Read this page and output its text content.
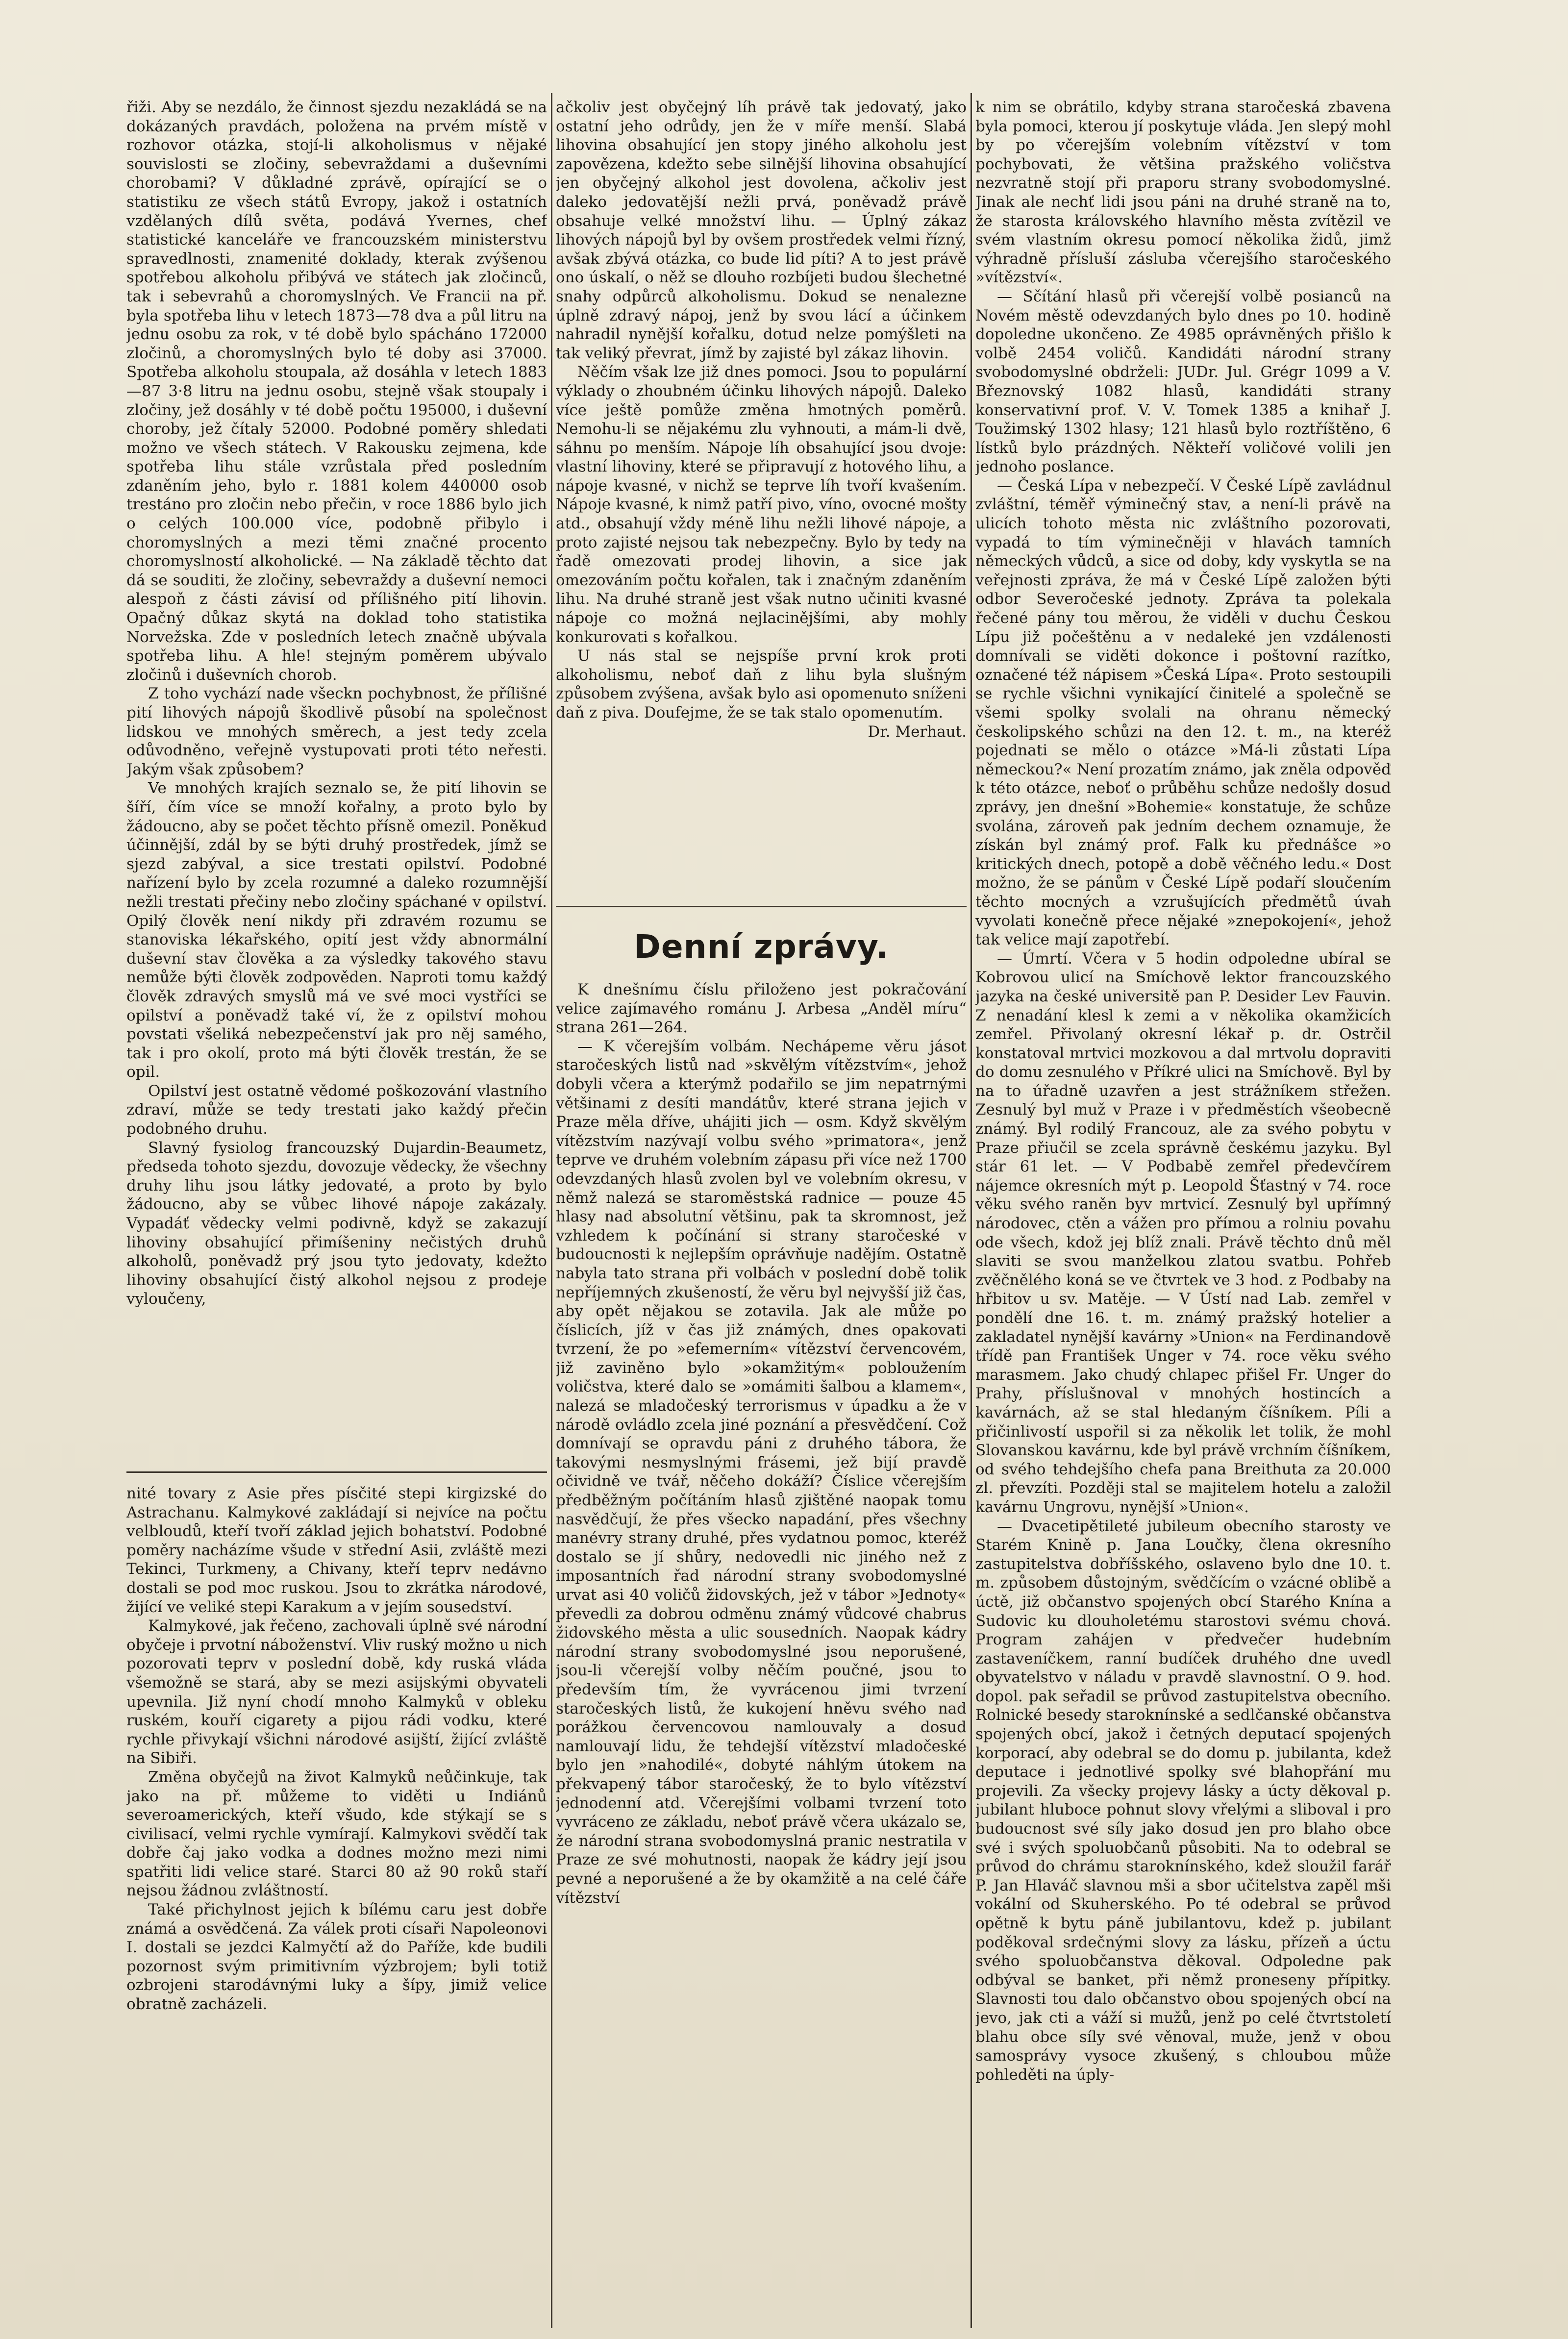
řiži. Aby se nezdálo, že činnost sjezdu nezakládá se na dokázaných pravdách, položena na prvém místě v rozhovor otázka, stojí-li alkoholismus v nějaké souvislosti se zločiny, sebevraždami a duševními chorobami? V důkladné zprávě, opírající se o statistiku ze všech států Evropy, jakož i ostatních vzdělaných dílů světa, podává Yvernes, chef statistické kanceláře ve francouzském ministerstvu spravedlnosti, znamenité doklady, kterak zvýšenou spotřebou alkoholu přibývá ve státech jak zločinců, tak i sebevrahů a choromyslných. Ve Francii na př. byla spotřeba lihu v letech 1873—78 dva a půl litru na jednu osobu za rok, v té době bylo spácháno 172000 zločinů, a choromyslných bylo té doby asi 37000. Spotřeba alkoholu stoupala, až dosáhla v letech 1883—87 3·8 litru na jednu osobu, stejně však stoupaly i zločiny, jež dosáhly v té době počtu 195000, i duševní choroby, jež čítaly 52000. Podobné poměry shledati možno ve všech státech. V Rakousku zejmena, kde spotřeba lihu stále vzrůstala před posledním zdaněním jeho, bylo r. 1881 kolem 440000 osob trestáno pro zločin nebo přečin, v roce 1886 bylo jich o celých 100.000 více, podobně přibylo i choromyslných a mezi těmi značné procento choromyslností alkoholické. — Na základě těchto dat dá se souditi, že zločiny, sebevraždy a duševní nemoci alespoň z části závisí od přílišného pití lihovin. Opačný důkaz skytá na doklad toho statistika Norvežska. Zde v posledních letech značně ubývala spotřeba lihu. A hle! stejným poměrem ubývalo zločinů i duševních chorob.

Z toho vychází nade všeckn pochybnost, že přílišné pití lihových nápojů škodlivě působí na společnost lidskou ve mnohých směrech, a jest tedy zcela odůvodněno, veřejně vystupovati proti této neřesti. Jakým však způsobem?

Ve mnohých krajích seznalo se, že pití lihovin se šíří, čím více se množí kořalny, a proto bylo by žádoucno, aby se počet těchto přísně omezil. Poněkud účinnější, zdál by se býti druhý prostředek, jímž se sjezd zabýval, a sice trestati opilství. Podobné nařízení bylo by zcela rozumné a daleko rozumnější nežli trestati přečiny nebo zločiny spáchané v opilství. Opilý člověk není nikdy při zdravém rozumu se stanoviska lékařského, opití jest vždy abnormální duševní stav člověka a za výsledky takového stavu nemůže býti člověk zodpověden. Naproti tomu každý člověk zdravých smyslů má ve své moci vystříci se opilství a poněvadž také ví, že z opilství mohou povstati všeliká nebezpečenství jak pro něj samého, tak i pro okolí, proto má býti člověk trestán, že se opil.

Opilství jest ostatně vědomé poškozování vlastního zdraví, může se tedy trestati jako každý přečin podobného druhu.

Slavný fysiolog francouzský Dujardin-Beaumetz, předseda tohoto sjezdu, dovozuje vědecky, že všechny druhy lihu jsou látky jedovaté, a proto by bylo žádoucno, aby se vůbec lihové nápoje zakázaly. Vypadáť vědecky velmi podivně, když se zakazují lihoviny obsahující přimíšeniny nečistých druhů alkoholů, poněvadž prý jsou tyto jedovaty, kdežto lihoviny obsahující čistý alkohol nejsou z prodeje vyloučeny,

nité tovary z Asie přes písčité stepi kirgizské do Astrachanu. Kalmykové zakládají si nejvíce na počtu velbloudů, kteří tvoří základ jejich bohatství. Podobné poměry nacházíme všude v střední Asii, zvláště mezi Tekinci, Turkmeny, a Chivany, kteří teprv nedávno dostali se pod moc ruskou. Jsou to zkrátka národové, žijící ve veliké stepi Karakum a v jejím sousedství.

Kalmykové, jak řečeno, zachovali úplně své národní obyčeje i prvotní náboženství. Vliv ruský možno u nich pozorovati teprv v poslední době, kdy ruská vláda všemožně se stará, aby se mezi asijskými obyvateli upevnila. Již nyní chodí mnoho Kalmyků v obleku ruském, kouří cigarety a pijou rádi vodku, které rychle přivykají všichni národové asijští, žijící zvláště na Sibiři.

Změna obyčejů na život Kalmyků neůčinkuje, tak jako na př. můžeme to viděti u Indiánů severoamerických, kteří všudo, kde stýkají se s civilisací, velmi rychle vymírají. Kalmykovi svědčí tak dobře čaj jako vodka a dodnes možno mezi nimi spatřiti lidi velice staré. Starci 80 až 90 roků staří nejsou žádnou zvláštností.

Také přichylnost jejich k bílému caru jest dobře známá a osvědčená. Za válek proti císaři Napoleonovi I. dostali se jezdci Kalmyčtí až do Paříže, kde budili pozornost svým primitivním výzbrojem; byli totiž ozbrojeni starodávnými luky a šípy, jimiž velice obratně zacházeli.

ačkoliv jest obyčejný líh právě tak jedovatý, jako ostatní jeho odrůdy, jen že v míře menší. Slabá lihovina obsahující jen stopy jiného alkoholu jest zapovězena, kdežto sebe silnější lihovina obsahující jen obyčejný alkohol jest dovolena, ačkoliv jest daleko jedovatější nežli prvá, poněvadž právě obsahuje velké množství lihu. — Úplný zákaz lihových nápojů byl by ovšem prostředek velmi řízný, avšak zbývá otázka, co bude lid píti? A to jest právě ono úskalí, o něž se dlouho rozbíjeti budou šlechetné snahy odpůrců alkoholismu. Dokud se nenalezne úplně zdravý nápoj, jenž by svou lácí a účinkem nahradil nynější kořalku, dotud nelze pomýšleti na tak veliký převrat, jímž by zajisté byl zákaz lihovin.

Něčím však lze již dnes pomoci. Jsou to populární výklady o zhoubném účinku lihových nápojů. Daleko více ještě pomůže změna hmotných poměrů. Nemohu-li se nějakému zlu vyhnouti, a mám-li dvě, sáhnu po menším. Nápoje líh obsahující jsou dvoje: vlastní lihoviny, které se připravují z hotového lihu, a nápoje kvasné, v nichž se teprve líh tvoří kvašením. Nápoje kvasné, k nimž patří pivo, víno, ovocné mošty atd., obsahují vždy méně lihu nežli lihové nápoje, a proto zajisté nejsou tak nebezpečny. Bylo by tedy na řadě omezovati prodej lihovin, a sice jak omezováním počtu kořalen, tak i značným zdaněním lihu. Na druhé straně jest však nutno učiniti kvasné nápoje co možná nejlacinějšími, aby mohly konkurovati s kořalkou.

U nás stal se nejspíše první krok proti alkoholismu, neboť daň z lihu byla slušným způsobem zvýšena, avšak bylo asi opomenuto sníženi daň z piva. Doufejme, že se tak stalo opomenutím.

Dr. Merhaut.

Denní zprávy.

K dnešnímu číslu přiloženo jest pokračování velice zajímavého románu J. Arbesa „Anděl míru“ strana 261—264.

— K včerejším volbám. Nechápeme věru jásot staročeských listů nad »skvělým vítězstvím«, jehož dobyli včera a kterýmž podařilo se jim nepatrnými většinami z desíti mandátův, které strana jejich v Praze měla dříve, uhájiti jich — osm. Když skvělým vítězstvím nazývají volbu svého »primatora«, jenž teprve ve druhém volebním zápasu při více než 1700 odevzdaných hlasů zvolen byl ve volebním okresu, v němž nalezá se staroměstská radnice — pouze 45 hlasy nad absolutní většinu, pak ta skromnost, jež vzhledem k počínání si strany staročeské v budoucnosti k nejlepším oprávňuje nadějím. Ostatně nabyla tato strana při volbách v poslední době tolik nepříjemných zkušeností, že věru byl nejvyšší již čas, aby opět nějakou se zotavila. Jak ale může po číslicích, jíž v čas již známých, dnes opakovati tvrzení, že po »efemerním« vítězství červencovém, již zaviněno bylo »okamžitým« pobloužením voličstva, které dalo se »omámiti šalbou a klamem«, nalezá se mladočeský terrorismus v úpadku a že v národě ovládlo zcela jiné poznání a přesvědčení. Což domnívají se opravdu páni z druhého tábora, že takovými nesmyslnými frásemi, jež bijí pravdě očividně ve tvář, něčeho dokáží? Číslice včerejším předběžným počítáním hlasů zjištěné naopak tomu nasvědčují, že přes všecko napadání, přes všechny manévry strany druhé, přes vydatnou pomoc, kteréž dostalo se jí shůry, nedovedli nic jiného než z imposantních řad národní strany svobodomyslné urvat asi 40 voličů židovských, jež v tábor »Jednoty« převedli za dobrou odměnu známý vůdcové chabrus židovského města a ulic sousedních. Naopak kádry národní strany svobodomyslné jsou neporušené, jsou-li včerejší volby něčím poučné, jsou to především tím, že vyvrácenou jimi tvrzení staročeských listů, že kukojení hněvu svého nad porážkou červencovou namlouvaly a dosud namlouvají lidu, že tehdejší vítězství mladočeské bylo jen »nahodilé«, dobyté náhlým útokem na překvapený tábor staročeský, že to bylo vítězství jednodenní atd. Včerejšími volbami tvrzení toto vyvráceno ze základu, neboť právě včera ukázalo se, že národní strana svobodomyslná pranic nestratila v Praze ze své mohutnosti, naopak že kádry její jsou pevné a neporušené a že by okamžitě a na celé čáře vítězství

k nim se obrátilo, kdyby strana staročeská zbavena byla pomoci, kterou jí poskytuje vláda. Jen slepý mohl by po včerejším volebním vítězství v tom pochybovati, že většina pražského voličstva nezvratně stojí při praporu strany svobodomyslné. Jinak ale nechť lidi jsou páni na druhé straně na to, že starosta královského hlavního města zvítězil ve svém vlastním okresu pomocí několika židů, jimž výhradně přísluší zásluba včerejšího staročeského »vítězství«.

— Sčítání hlasů při včerejší volbě posianců na Novém městě odevzdaných bylo dnes po 10. hodině dopoledne ukončeno. Ze 4985 oprávněných přišlo k volbě 2454 voličů. Kandidáti národní strany svobodomyslné obdrželi: JUDr. Jul. Grégr 1099 a V. Březnovský 1082 hlasů, kandidáti strany konservativní prof. V. V. Tomek 1385 a knihař J. Toužimský 1302 hlasy; 121 hlasů bylo roztříštěno, 6 lístků bylo prázdných. Někteří voličové volili jen jednoho poslance.

— Česká Lípa v nebezpečí. V České Lípě zavládnul zvláštní, téměř výminečný stav, a není-li právě na ulicích tohoto města nic zvláštního pozorovati, vypadá to tím výminečněji v hlavách tamních německých vůdců, a sice od doby, kdy vyskytla se na veřejnosti zpráva, že má v České Lípě založen býti odbor Severočeské jednoty. Zpráva ta polekala řečené pány tou měrou, že viděli v duchu Českou Lípu již počeštěnu a v nedaleké jen vzdálenosti domnívali se viděti dokonce i poštovní razítko, označené též nápisem »Česká Lípa«. Proto sestoupili se rychle všichni vynikající činitelé a společně se všemi spolky svolali na ohranu německý českolipského schůzi na den 12. t. m., na kteréž pojednati se mělo o otázce »Má-li zůstati Lípa německou?« Není prozatím známo, jak zněla odpověď k této otázce, neboť o průběhu schůze nedošly dosud zprávy, jen dnešní »Bohemie« konstatuje, že schůze svolána, zároveň pak jedním dechem oznamuje, že získán byl známý prof. Falk ku přednášce »o kritických dnech, potopě a době věčného ledu.« Dost možno, že se pánům v České Lípě podaří sloučením těchto mocných a vzrušujících předmětů úvah vyvolati konečně přece nějaké »znepokojení«, jehož tak velice mají zapotřebí.

— Úmrtí. Včera v 5 hodin odpoledne ubíral se Kobrovou ulicí na Smíchově lektor francouzského jazyka na české universitě pan P. Desider Lev Fauvin. Z nenadání klesl k zemi a v několika okamžicích zemřel. Přivolaný okresní lékař p. dr. Ostrčil konstatoval mrtvici mozkovou a dal mrtvolu dopraviti do domu zesnulého v Příkré ulici na Smíchově. Byl by na to úřadně uzavřen a jest strážníkem střežen. Zesnulý byl muž v Praze i v předměstích všeobecně známý. Byl rodilý Francouz, ale za svého pobytu v Praze přiučil se zcela správně českému jazyku. Byl stár 61 let. — V Podbabě zemřel předevčírem nájemce okresních mýt p. Leopold Šťastný v 74. roce věku svého raněn byv mrtvicí. Zesnulý byl upřímný národovec, ctěn a vážen pro přímou a rolniu povahu ode všech, kdož jej blíž znali. Právě těchto dnů měl slaviti se svou manželkou zlatou svatbu. Pohřeb zvěčnělého koná se ve čtvrtek ve 3 hod. z Podbaby na hřbitov u sv. Matěje. — V Ústí nad Lab. zemřel v pondělí dne 16. t. m. známý pražský hotelier a zakladatel nynější kavárny »Union« na Ferdinandově třídě pan František Unger v 74. roce věku svého marasmem. Jako chudý chlapec přišel Fr. Unger do Prahy, příslušnoval v mnohých hostincích a kavárnách, až se stal hledaným číšníkem. Píli a přičinlivostí uspořil si za několik let tolik, že mohl Slovanskou kavárnu, kde byl právě vrchním číšníkem, od svého tehdejšího chefa pana Breithuta za 20.000 zl. převzíti. Později stal se majitelem hotelu a založil kavárnu Ungrovu, nynější »Union«.

— Dvacetipětileté jubileum obecního starosty ve Starém Knině p. Jana Loučky, člena okresního zastupitelstva dobříšského, oslaveno bylo dne 10. t. m. způsobem důstojným, svědčícím o vzácné oblibě a úctě, již občanstvo spojených obcí Starého Knína a Sudovic ku dlouholetému starostovi svému chová. Program zahájen v předvečer hudebním zastaveníčkem, ranní budíček druhého dne uvedl obyvatelstvo v náladu v pravdě slavnostní. O 9. hod. dopol. pak seřadil se průvod zastupitelstva obecního. Rolnické besedy staroknínské a sedlčanské občanstva spojených obcí, jakož i četných deputací spojených korporací, aby odebral se do domu p. jubilanta, kdež deputace i jednotlivé spolky své blahopřání mu projevili. Za všecky projevy lásky a úcty děkoval p. jubilant hluboce pohnut slovy vřelými a sliboval i pro budoucnost své síly jako dosud jen pro blaho obce své i svých spoluobčanů působiti. Na to odebral se průvod do chrámu staroknínského, kdež sloužil farář P. Jan Hlaváč slavnou mši a sbor učitelstva zapěl mši vokální od Skuherského. Po té odebral se průvod opětně k bytu páně jubilantovu, kdež p. jubilant poděkoval srdečnými slovy za lásku, přízeň a úctu svého spoluobčanstva děkoval. Odpoledne pak odbýval se banket, při němž proneseny přípitky. Slavnosti tou dalo občanstvo obou spojených obcí na jevo, jak cti a váží si mužů, jenž po celé čtvrtstoletí blahu obce síly své věnoval, muže, jenž v obou samosprávy vysoce zkušený, s chloubou může pohleděti na úply-
